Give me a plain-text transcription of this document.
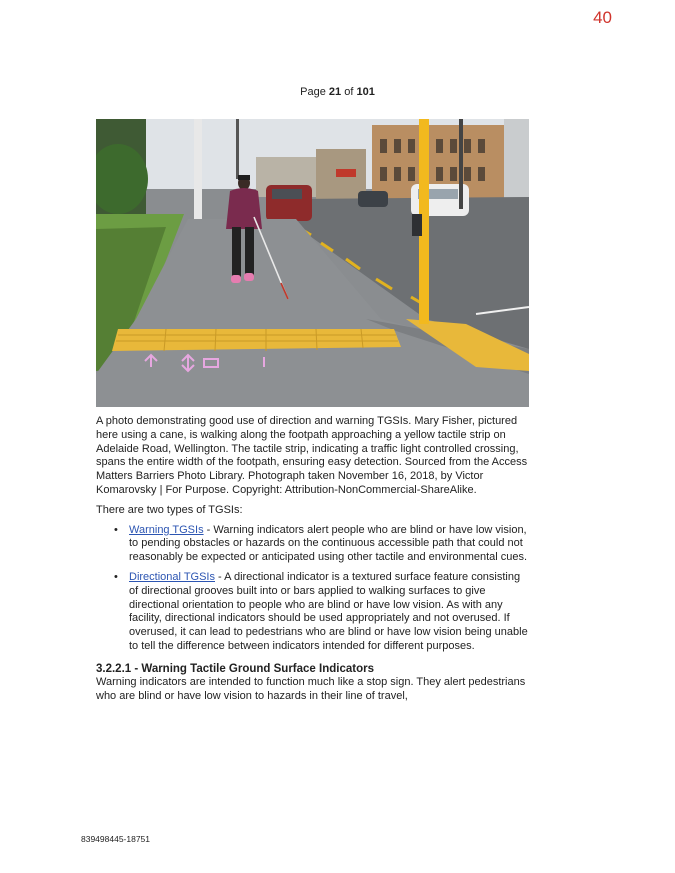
40
Page 21 of 101

A photo demonstrating good use of direction and warning TGSIs. Mary Fisher, pictured here using a cane, is walking along the footpath approaching a yellow tactile strip on Adelaide Road, Wellington. The tactile strip, indicating a traffic light controlled crossing, spans the entire width of the footpath, ensuring easy detection. Sourced from the Access Matters Barriers Photo Library. Photograph taken November 16, 2018, by Victor Komarovsky | For Purpose. Copyright: Attribution-NonCommercial-ShareAlike.

There are two types of TGSIs:

• Warning TGSIs - Warning indicators alert people who are blind or have low vision, to pending obstacles or hazards on the continuous accessible path that could not reasonably be expected or anticipated using other tactile and environmental cues.
• Directional TGSIs - A directional indicator is a textured surface feature consisting of directional grooves built into or bars applied to walking surfaces to give directional orientation to people who are blind or have low vision. As with any facility, directional indicators should be used appropriately and not overused. If overused, it can lead to pedestrians who are blind or have low vision being unable to tell the difference between indicators intended for different purposes.

3.2.2.1 - Warning Tactile Ground Surface Indicators

Warning indicators are intended to function much like a stop sign. They alert pedestrians who are blind or have low vision to hazards in their line of travel,

839498445-18751
